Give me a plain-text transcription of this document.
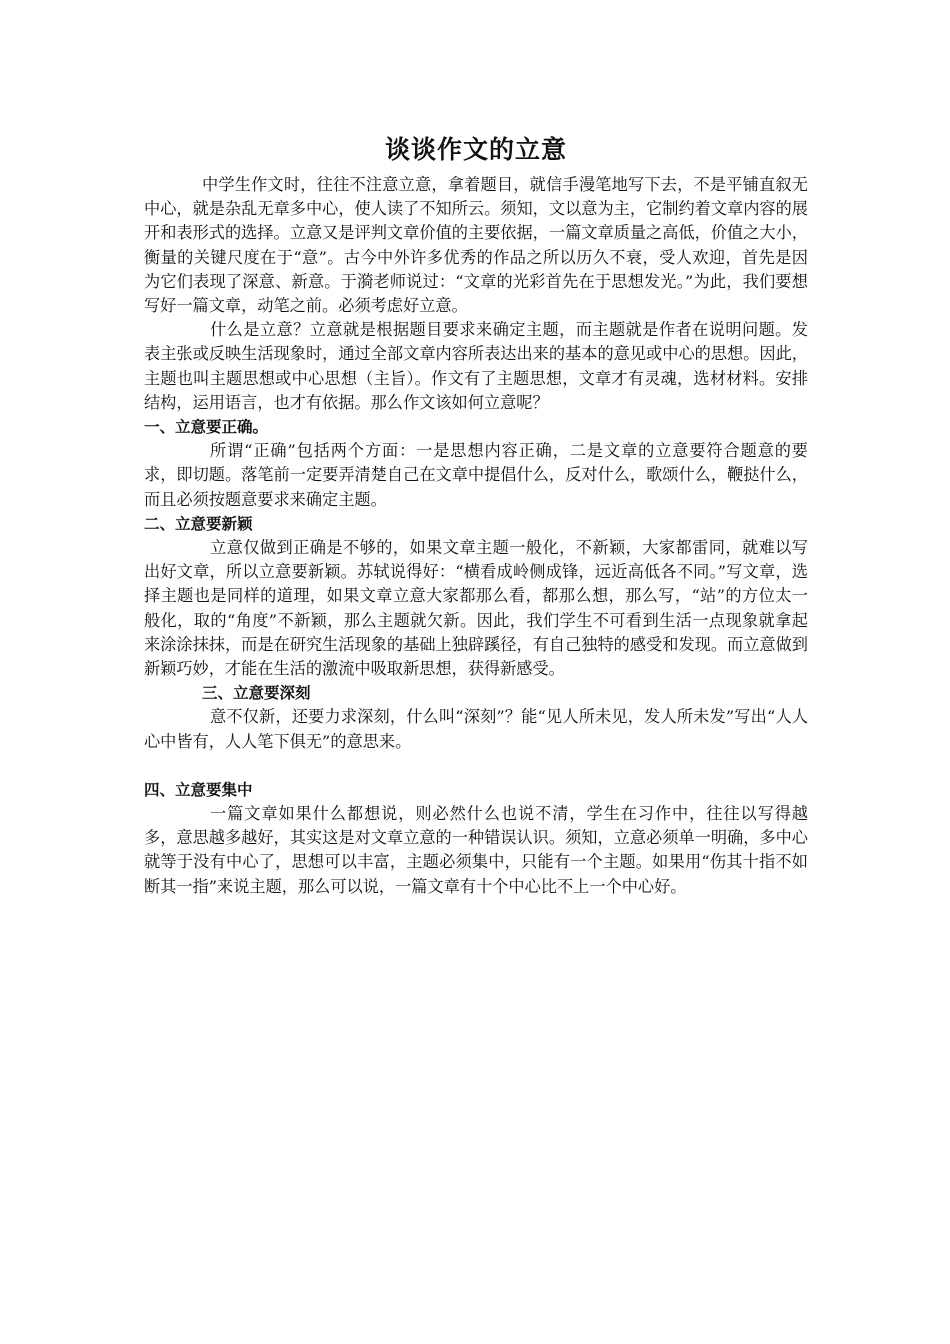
谈谈作文的立意

中学生作文时，往往不注意立意，拿着题目，就信手漫笔地写下去，不是平铺直叙无中心，就是杂乱无章多中心，使人读了不知所云。须知，文以意为主，它制约着文章内容的展开和表形式的选择。立意又是评判文章价值的主要依据，一篇文章质量之高低，价值之大小，衡量的关键尺度在于“意”。古今中外许多优秀的作品之所以历久不衰，受人欢迎，首先是因为它们表现了深意、新意。于漪老师说过：“文章的光彩首先在于思想发光。”为此，我们要想写好一篇文章，动笔之前。必须考虑好立意。

什么是立意？立意就是根据题目要求来确定主题，而主题就是作者在说明问题。发表主张或反映生活现象时，通过全部文章内容所表达出来的基本的意见或中心的思想。因此，主题也叫主题思想或中心思想（主旨）。作文有了主题思想，文章才有灵魂，选材材料。安排结构，运用语言，也才有依据。那么作文该如何立意呢？

一、立意要正确。

所谓“正确”包括两个方面：一是思想内容正确，二是文章的立意要符合题意的要求，即切题。落笔前一定要弄清楚自己在文章中提倡什么，反对什么，歌颂什么，鞭挞什么，而且必须按题意要求来确定主题。

二、立意要新颖

立意仅做到正确是不够的，如果文章主题一般化，不新颖，大家都雷同，就难以写出好文章，所以立意要新颖。苏轼说得好：“横看成岭侧成锋，远近高低各不同。”写文章，选择主题也是同样的道理，如果文章立意大家都那么看，都那么想，那么写，“站”的方位太一般化，取的“角度”不新颖，那么主题就欠新。因此，我们学生不可看到生活一点现象就拿起来涂涂抹抹，而是在研究生活现象的基础上独辟蹊径，有自己独特的感受和发现。而立意做到新颖巧妙，才能在生活的激流中吸取新思想，获得新感受。

三、立意要深刻

意不仅新，还要力求深刻，什么叫“深刻”？能“见人所未见，发人所未发”写出“人人心中皆有，人人笔下俱无”的意思来。

四、立意要集中

一篇文章如果什么都想说，则必然什么也说不清，学生在习作中，往往以写得越多，意思越多越好，其实这是对文章立意的一种错误认识。须知，立意必须单一明确，多中心就等于没有中心了，思想可以丰富，主题必须集中，只能有一个主题。如果用“伤其十指不如断其一指”来说主题，那么可以说，一篇文章有十个中心比不上一个中心好。
